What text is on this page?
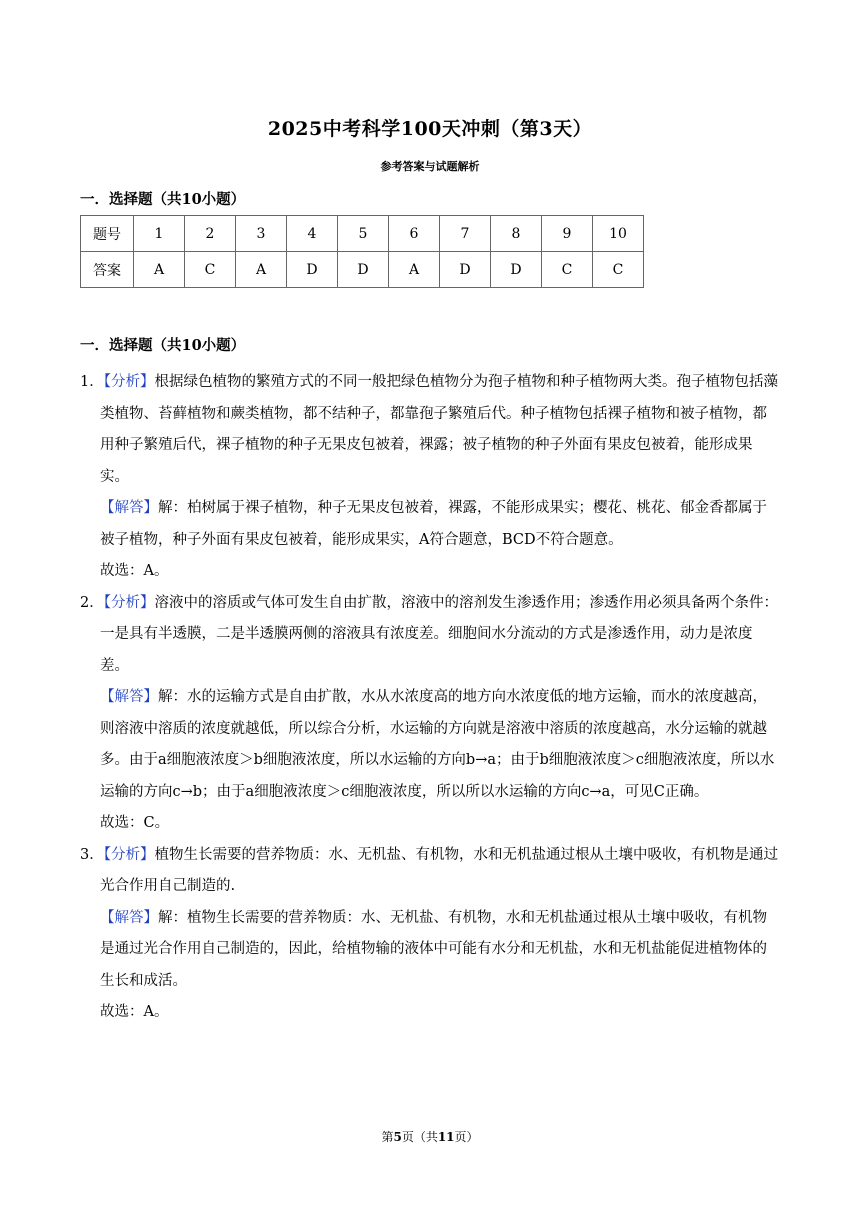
2025中考科学100天冲刺（第3天）
参考答案与试题解析
一．选择题（共10小题）
题号	1	2	3	4	5	6	7	8	9	10
答案	A	C	A	D	D	A	D	D	C	C
一．选择题（共10小题）

1．【分析】根据绿色植物的繁殖方式的不同一般把绿色植物分为孢子植物和种子植物两大类。孢子植物包括藻类植物、苔藓植物和蕨类植物，都不结种子，都靠孢子繁殖后代。种子植物包括裸子植物和被子植物，都用种子繁殖后代，裸子植物的种子无果皮包被着，裸露；被子植物的种子外面有果皮包被着，能形成果实。

【解答】解：柏树属于裸子植物，种子无果皮包被着，裸露，不能形成果实；樱花、桃花、郁金香都属于被子植物，种子外面有果皮包被着，能形成果实，A符合题意，BCD不符合题意。

故选：A。

2．【分析】溶液中的溶质或气体可发生自由扩散，溶液中的溶剂发生渗透作用；渗透作用必须具备两个条件：一是具有半透膜，二是半透膜两侧的溶液具有浓度差。细胞间水分流动的方式是渗透作用，动力是浓度差。

【解答】解：水的运输方式是自由扩散，水从水浓度高的地方向水浓度低的地方运输，而水的浓度越高，则溶液中溶质的浓度就越低，所以综合分析，水运输的方向就是溶液中溶质的浓度越高，水分运输的就越多。由于a细胞液浓度＞b细胞液浓度，所以水运输的方向b→a；由于b细胞液浓度＞c细胞液浓度，所以水运输的方向c→b；由于a细胞液浓度＞c细胞液浓度，所以所以水运输的方向c→a，可见C正确。

故选：C。

3．【分析】植物生长需要的营养物质：水、无机盐、有机物，水和无机盐通过根从土壤中吸收，有机物是通过光合作用自己制造的.

【解答】解：植物生长需要的营养物质：水、无机盐、有机物，水和无机盐通过根从土壤中吸收，有机物是通过光合作用自己制造的，因此，给植物输的液体中可能有水分和无机盐，水和无机盐能促进植物体的生长和成活。

故选：A。

第5页（共11页）
